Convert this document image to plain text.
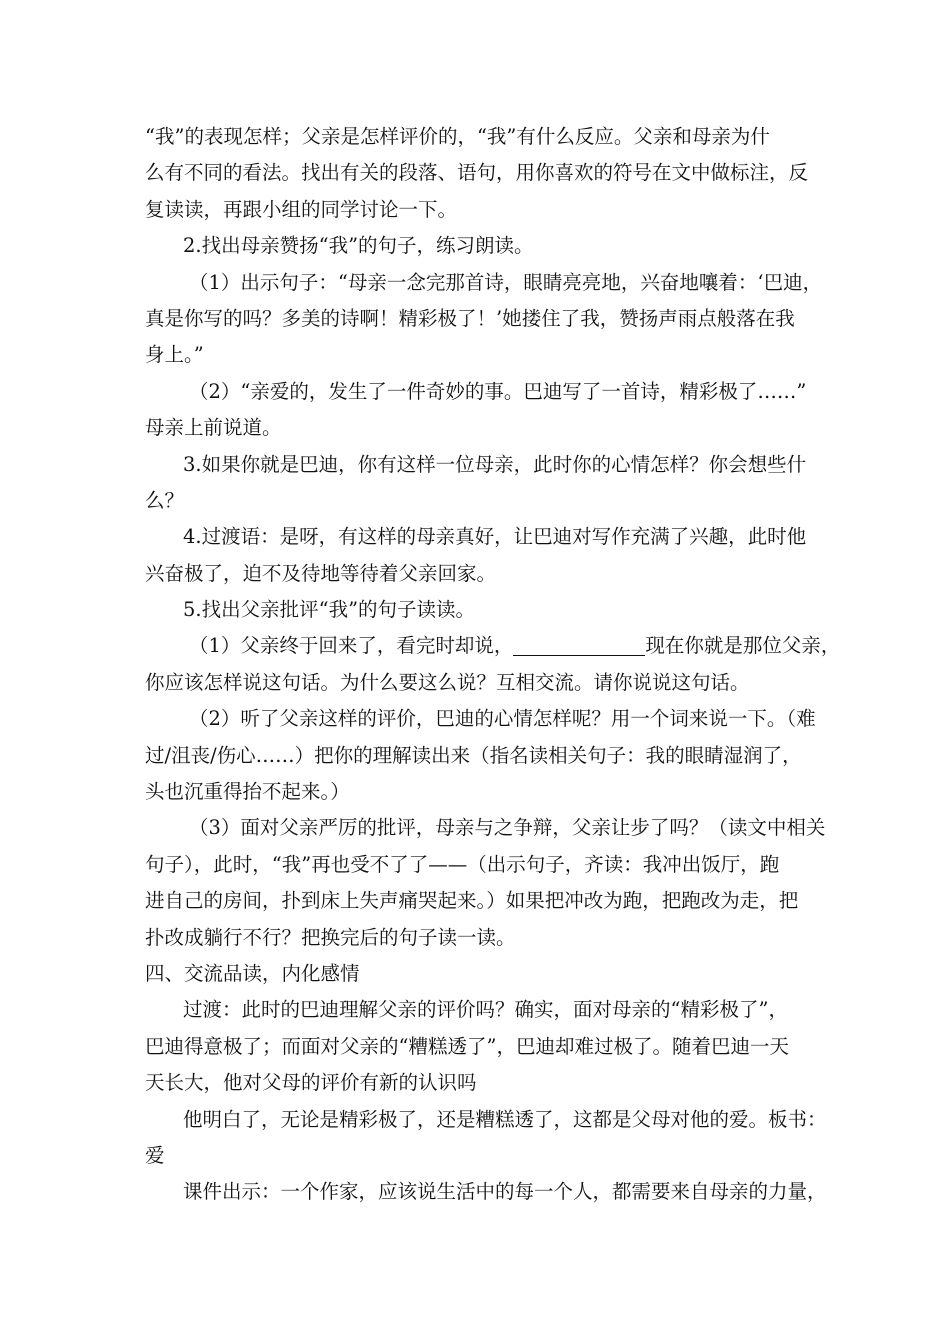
“我”的表现怎样；父亲是怎样评价的，“我”有什么反应。父亲和母亲为什
么有不同的看法。找出有关的段落、语句，用你喜欢的符号在文中做标注，反
复读读，再跟小组的同学讨论一下。
2.找出母亲赞扬“我”的句子，练习朗读。
（1）出示句子：“母亲一念完那首诗，眼睛亮亮地，兴奋地嚷着：‘巴迪，
真是你写的吗？多美的诗啊！精彩极了！’她搂住了我，赞扬声雨点般落在我
身上。”
（2）“亲爱的，发生了一件奇妙的事。巴迪写了一首诗，精彩极了……”
母亲上前说道。
3.如果你就是巴迪，你有这样一位母亲，此时你的心情怎样？你会想些什
么？
4.过渡语：是呀，有这样的母亲真好，让巴迪对写作充满了兴趣，此时他
兴奋极了，迫不及待地等待着父亲回家。
5.找出父亲批评“我”的句子读读。
（1）父亲终于回来了，看完时却说，	现在你就是那位父亲，
你应该怎样说这句话。为什么要这么说？互相交流。请你说说这句话。
（2）听了父亲这样的评价，巴迪的心情怎样呢？用一个词来说一下。（难
过/沮丧/伤心……）把你的理解读出来（指名读相关句子：我的眼睛湿润了，
头也沉重得抬不起来。）
（3）面对父亲严厉的批评，母亲与之争辩，父亲让步了吗？（读文中相关
句子），此时，“我”再也受不了了——（出示句子，齐读：我冲出饭厅，跑
进自己的房间，扑到床上失声痛哭起来。）如果把冲改为跑，把跑改为走，把
扑改成躺行不行？把换完后的句子读一读。
四、交流品读，内化感情
过渡：此时的巴迪理解父亲的评价吗？确实，面对母亲的“精彩极了”，
巴迪得意极了；而面对父亲的“糟糕透了”，巴迪却难过极了。随着巴迪一天
天长大，他对父母的评价有新的认识吗
他明白了，无论是精彩极了，还是糟糕透了，这都是父母对他的爱。板书：
爱
课件出示：一个作家，应该说生活中的每一个人，都需要来自母亲的力量，
